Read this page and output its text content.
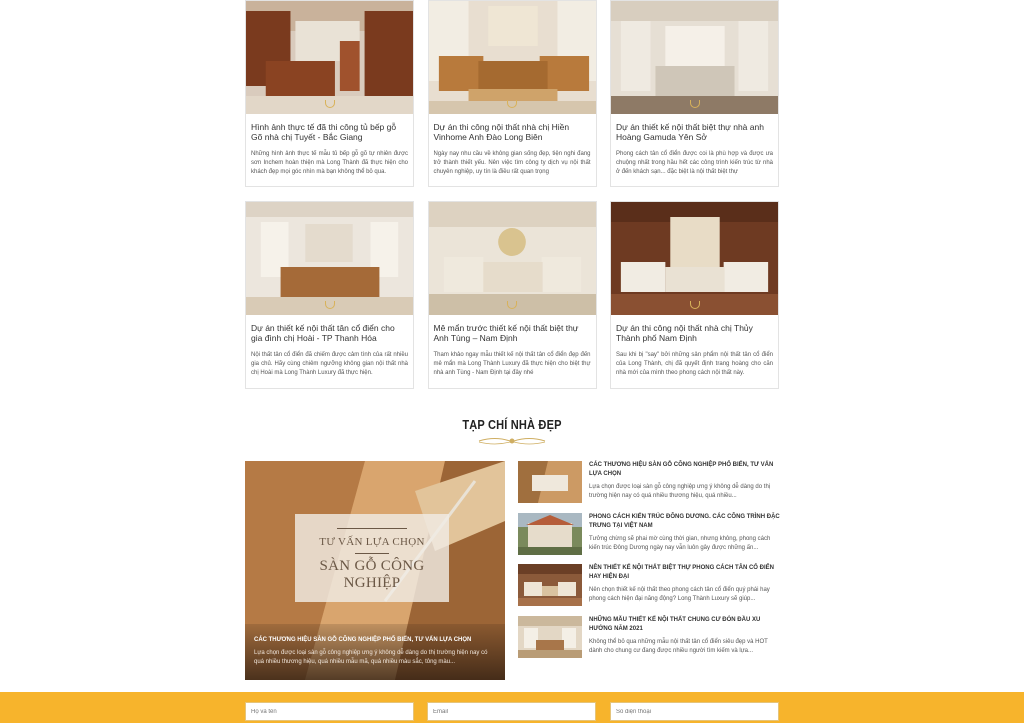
Hình ảnh thực tế đã thi công tủ bếp gỗ Gõ nhà chị Tuyết - Bắc Giang
Những hình ảnh thực tế mẫu tủ bếp gỗ gõ tự nhiên được sơn Inchem hoàn thiện mà Long Thành đã thực hiện cho khách đẹp mọi góc nhìn mà bạn không thể bỏ qua.
Dự án thi công nội thất nhà chị Hiền Vinhome Anh Đào Long Biên
Ngày nay nhu cầu về không gian sống đẹp, tiện nghi đang trở thành thiết yếu. Nên việc tìm công ty dịch vụ nội thất chuyên nghiệp, uy tín là điều rất quan trọng
Dự án thiết kế nội thất biệt thự nhà anh Hoàng Gamuda Yên Sở
Phong cách tân cổ điển được coi là phù hợp và được ưa chuộng nhất trong hầu hết các công trình kiến trúc từ nhà ở đến khách sạn... đặc biệt là nội thất biệt thự
Dự án thiết kế nội thất tân cổ điển cho gia đình chị Hoài - TP Thanh Hóa
Nội thất tân cổ điển đã chiếm được cảm tình của rất nhiều gia chủ. Hãy cùng chiêm ngưỡng không gian nội thất nhà chị Hoài mà Long Thành Luxury đã thực hiện.
Mê mẩn trước thiết kế nội thất biệt thự Anh Tùng – Nam Định
Tham khảo ngay mẫu thiết kế nội thất tân cổ điển đẹp đến mê mẩn mà Long Thành Luxury đã thực hiện cho biệt thự nhà anh Tùng - Nam Định tại đây nhé
Dự án thi công nội thất nhà chị Thủy Thành phố Nam Định
Sau khi bị "say" bởi những sản phẩm nội thất tân cổ điển của Long Thành, chị đã quyết định trang hoàng cho căn nhà mới của mình theo phong cách nội thất này.
TẠP CHÍ NHÀ ĐẸP
TƯ VẤN LỰA CHỌN
SÀN GỖ CÔNG NGHIỆP
CÁC THƯƠNG HIỆU SÀN GỖ CÔNG NGHIỆP PHỔ BIẾN, TƯ VẤN LỰA CHỌN
Lựa chọn được loại sàn gỗ công nghiệp ưng ý không dễ dàng do thị trường hiện nay có quá nhiều thương hiệu, quá nhiều mẫu mã, quá nhiều màu sắc, tông màu...
CÁC THƯƠNG HIỆU SÀN GỖ CÔNG NGHIỆP PHỔ BIẾN, TƯ VẤN LỰA CHỌN
Lựa chọn được loại sàn gỗ công nghiệp ưng ý không dễ dàng do thị trường hiện nay có quá nhiều thương hiệu, quá nhiều...
PHONG CÁCH KIẾN TRÚC ĐÔNG DƯƠNG. CÁC CÔNG TRÌNH ĐẶC TRƯNG TẠI VIỆT NAM
Tưởng chừng sẽ phai mờ cùng thời gian, nhưng không, phong cách kiến trúc Đông Dương ngày nay vẫn luôn gây được những ấn...
NÊN THIẾT KẾ NỘI THẤT BIỆT THỰ PHONG CÁCH TÂN CỔ ĐIỂN HAY HIỆN ĐẠI
Nên chọn thiết kế nội thất theo phong cách tân cổ điển quý phái hay phong cách hiện đại năng động? Long Thành Luxury sẽ giúp...
NHỮNG MẪU THIẾT KẾ NỘI THẤT CHUNG CƯ ĐÓN ĐẦU XU HƯỚNG NĂM 2021
Không thể bỏ qua những mẫu nội thất tân cổ điển siêu đẹp và HOT dành cho chung cư đang được nhiều người tìm kiếm và lựa...
Họ và tên
Email
Số điện thoại
